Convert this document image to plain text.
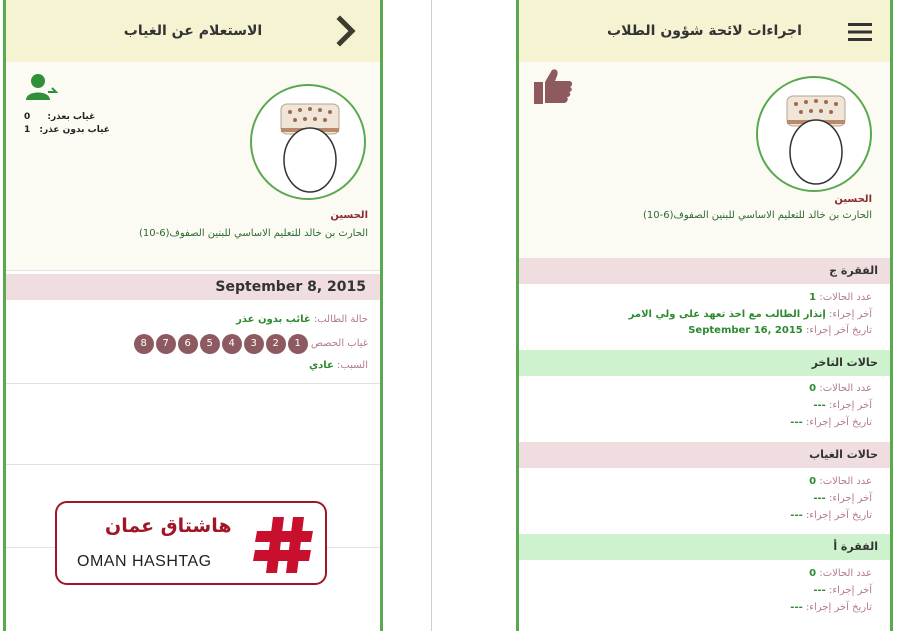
الاستعلام عن الغياب
غياب بعذر: 0
غياب بدون عذر: 1
الحسين
الحارث بن خالد للتعليم الاساسي للبنين الصفوف(6-10)
September 8, 2015
حالة الطالب: غائب بدون عذر
غياب الحصص 12345678
السبب: عادي
اجراءات لائحة شؤون الطلاب
الحسين
الحارث بن خالد للتعليم الاساسي للبنين الصفوف(6-10)
الفقرة ج
عدد الحالات: 1
آخر إجراء: إنذار الطالب مع اخذ تعهد على ولي الامر
تاريخ آخر إجراء: September 16, 2015
حالات التاخر
عدد الحالات: 0
آخر إجراء: ---
تاريخ آخر إجراء: ---
حالات الغياب
عدد الحالات: 0
آخر إجراء: ---
تاريخ آخر إجراء: ---
الفقرة أ
عدد الحالات: 0
آخر إجراء: ---
تاريخ آخر إجراء: ---
هاشتاق عمان
OMAN HASHTAG
